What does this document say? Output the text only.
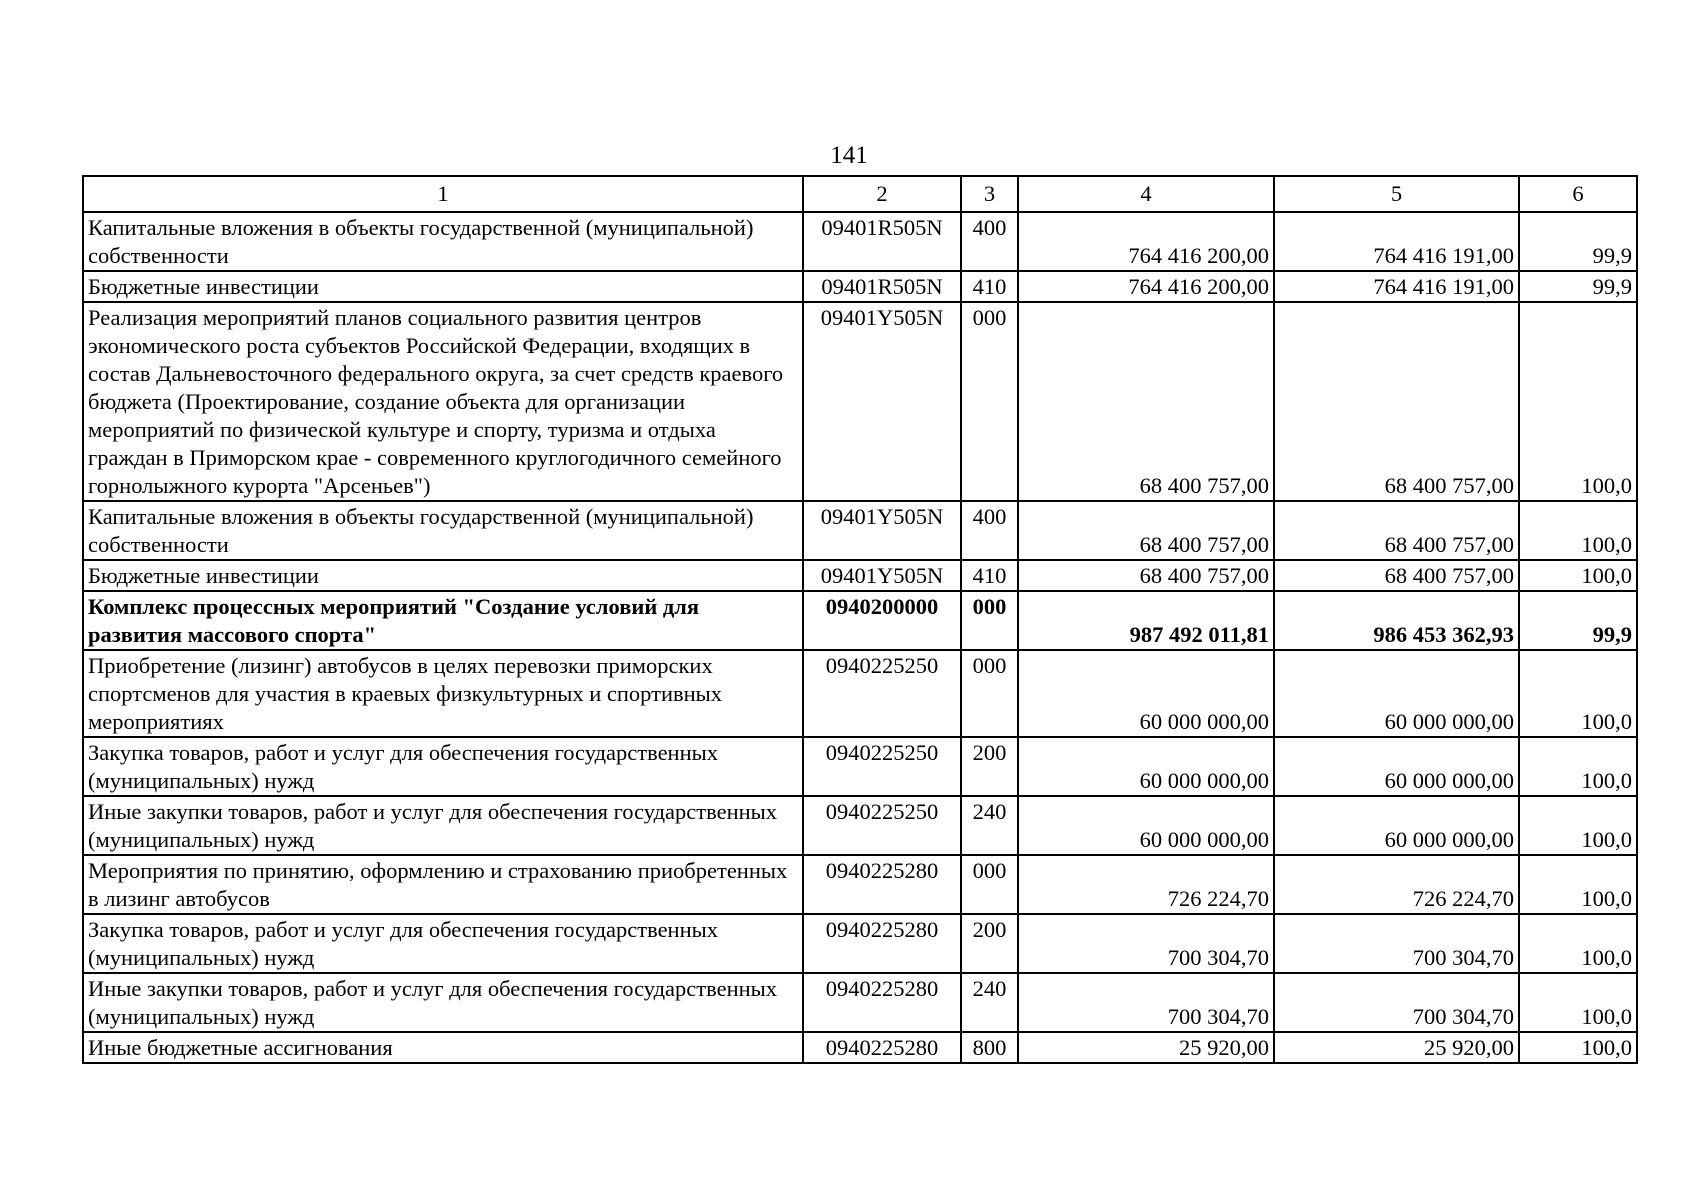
141
1	2	3	4	5	6
Капитальные вложения в объекты государственной (муниципальной) собственности	09401R505N	400	764 416 200,00	764 416 191,00	99,9
Бюджетные инвестиции	09401R505N	410	764 416 200,00	764 416 191,00	99,9
Реализация мероприятий планов социального развития центров экономического роста субъектов Российской Федерации, входящих в состав Дальневосточного федерального округа, за счет средств краевого бюджета (Проектирование, создание объекта для организации мероприятий по физической культуре и спорту, туризма и отдыха граждан в Приморском крае - современного круглогодичного семейного горнолыжного курорта "Арсеньев")	09401Y505N	000	68 400 757,00	68 400 757,00	100,0
Капитальные вложения в объекты государственной (муниципальной) собственности	09401Y505N	400	68 400 757,00	68 400 757,00	100,0
Бюджетные инвестиции	09401Y505N	410	68 400 757,00	68 400 757,00	100,0
Комплекс процессных мероприятий "Создание условий для развития массового спорта"	0940200000	000	987 492 011,81	986 453 362,93	99,9
Приобретение (лизинг) автобусов в целях перевозки приморских спортсменов для участия в краевых физкультурных и спортивных мероприятиях	0940225250	000	60 000 000,00	60 000 000,00	100,0
Закупка товаров, работ и услуг для обеспечения государственных (муниципальных) нужд	0940225250	200	60 000 000,00	60 000 000,00	100,0
Иные закупки товаров, работ и услуг для обеспечения государственных (муниципальных) нужд	0940225250	240	60 000 000,00	60 000 000,00	100,0
Мероприятия по принятию, оформлению и страхованию приобретенных в лизинг автобусов	0940225280	000	726 224,70	726 224,70	100,0
Закупка товаров, работ и услуг для обеспечения государственных (муниципальных) нужд	0940225280	200	700 304,70	700 304,70	100,0
Иные закупки товаров, работ и услуг для обеспечения государственных (муниципальных) нужд	0940225280	240	700 304,70	700 304,70	100,0
Иные бюджетные ассигнования	0940225280	800	25 920,00	25 920,00	100,0
